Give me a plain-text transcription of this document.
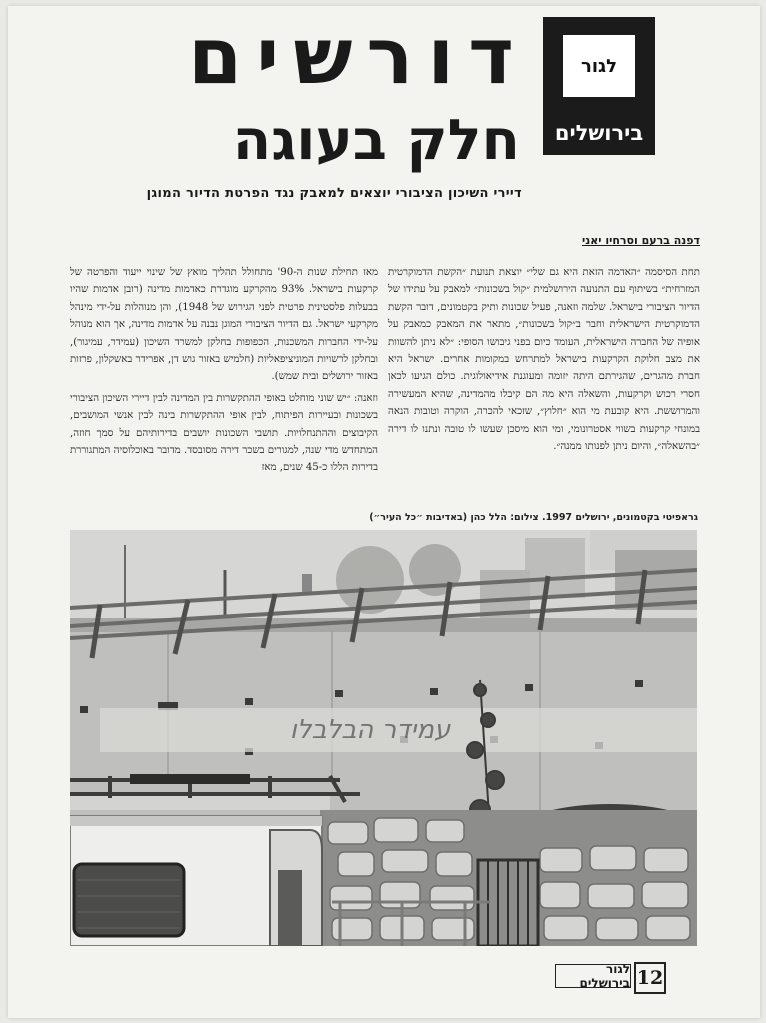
לגור
בירושלים
דורשים
חלק בעוגה
דיירי השיכון הציבורי יוצאים למאבק נגד הפרטת הדיור המוגן
דפנה ברעם וסרחיו יאני

תחת הסיסמה ״האדמה הזאת היא גם שלי״ יוצאת תנועת ״הקשת הדמוקרטית המזרחית״ בשיתוף עם התנועה הירושלמית ״קול בשכונות״ למאבק על עתידו של הדיור הציבורי בישראל. שלמה וזאנה, פעיל שכונות ותיק בקטמונים, דובר הקשת הדמוקרטית הישראלית וחבר ב״קול בשכונות״, מתאר את המאבק כמאבק על אופיה של החברה הישראלית, העומד כיום בפני גיבושו הסופי: ״לא ניתן להשוות את מצב חלוקת הקרקעות בישראל למתרחש במקומות אחרים. ישראל היא חברת מהגרים, שהגירתם היתה יזומה ומעוגנת אידיאולוגית. כולם הגיעו לכאן חסרי רכוש וקרקעות, והשאלה היא מה הם קיבלו מהמדינה, שהיא המעשירה והמרוששת. היא קובעת מי הוא ״חלוץ״, שזכאי להכרה, הוקרה וטובות הנאה במונחי קרקעות בשווי אסטרונומי, ומי הוא מיסכן שעשו לו טובה ונתנו לו דירה ״בהשאלה״, והיום ניתן לפנותו ממנה״.

מאז תחילת שנות ה-90' מתחולל תהליך מואץ של שינוי ייעוד והפרטה של קרקעות בישראל. 93% מהקרקע מוגדרת כאדמות מדינה (רובן אדמות שהיו בבעלות פלסטינית פרטית לפני הגירוש של 1948), והן מנוהלות על-ידי מינהל מקרקעי ישראל. גם הדיור הציבורי המוגן נבנה על אדמות מדינה, אך הוא מנוהל על-ידי החברות המשכנות, הכפופות בחלקן למשרד השיכון (עמידר, עמיגור), ובחלקן לרשויות המוניציפאליות (חלמיש באזור גוש דן, אפרידר באשקלון, פרזות באזור ירושלים ובית שמש).

וזאנה: ״יש שוני מוחלט באופי ההתקשרות בין המדינה לבין דיירי השיכון הציבורי בשכונות ובעיירות הפיתוח, לבין אופי ההתקשרות בינה לבין אנשי המושבים, הקיבוצים וההתנחלויות. תושבי השכונות יושבים בדירותיהם על סמך חוזה, המתחדש מדי שנה, למגורים בשכר דירה מסובסד. מדובר באוכלוסיה המתגוררת בדירות הללו כ-45 שנים, מאז

גראפיטי בקטמונים, ירושלים 1997. צילום: הלל כהן (באדיבות ״כל העיר״)
עמידר הבלבלו
12
לגור בירושלים
